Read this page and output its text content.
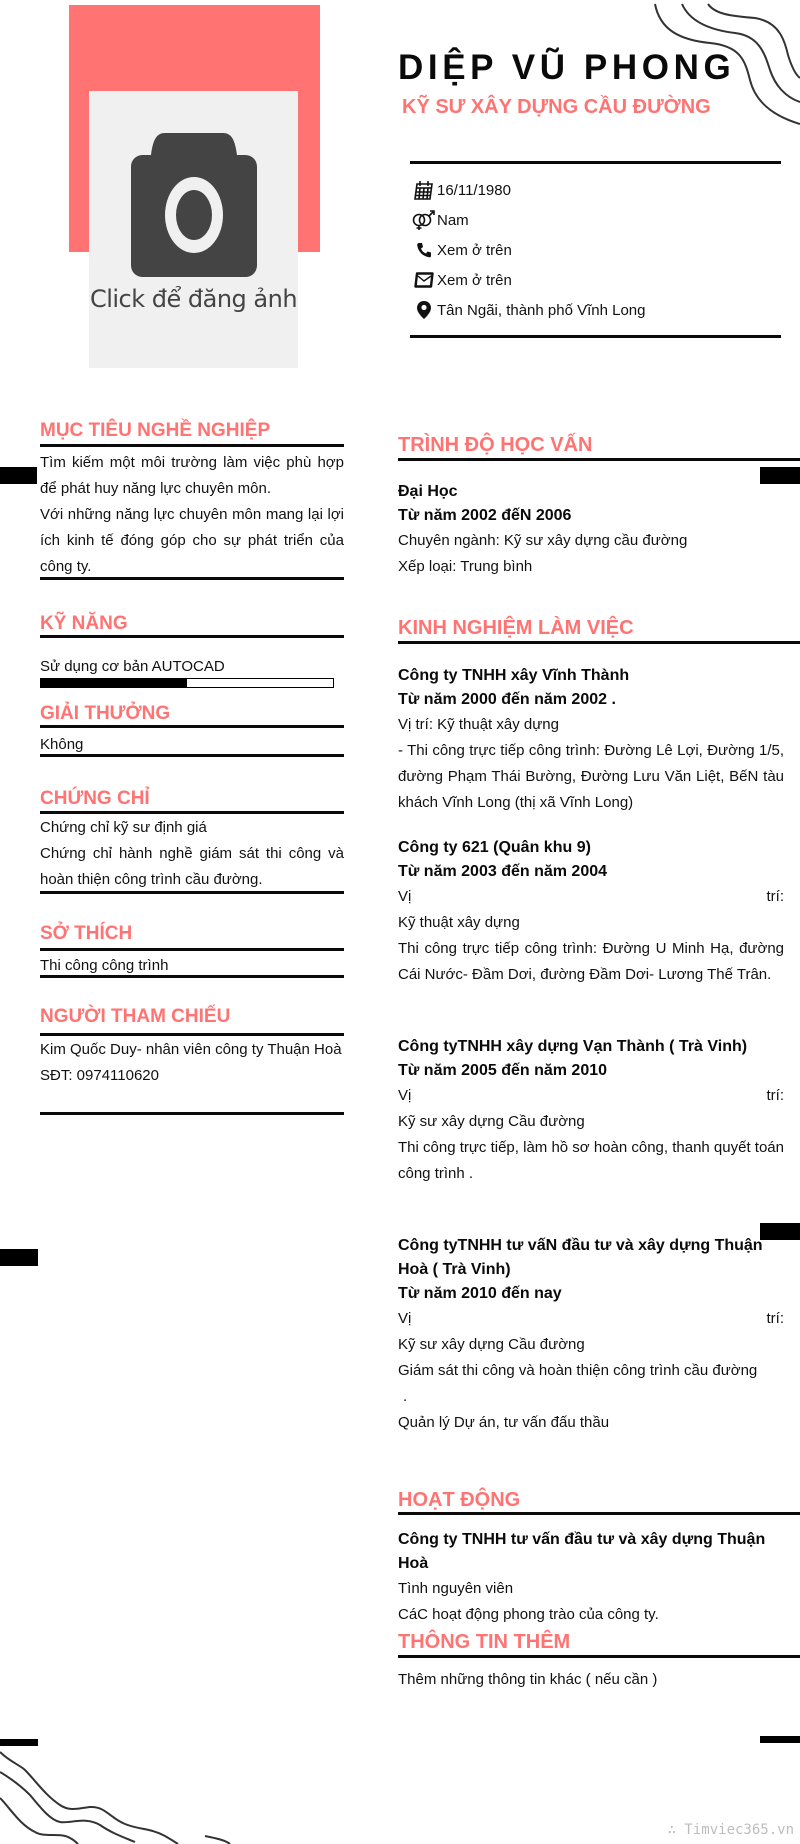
Click để đăng ảnh
DIỆP VŨ PHONG
KỸ SƯ XÂY DỰNG CẦU ĐƯỜNG
16/11/1980
Nam
Xem ở trên
Xem ở trên
Tân Ngãi, thành phố Vĩnh Long
MỤC TIÊU NGHỀ NGHIỆP
Tìm kiếm một môi trường làm việc phù hợp để phát huy năng lực chuyên môn.
Với những năng lực chuyên môn mang lại lợi ích kinh tế đóng góp cho sự phát triển của công ty.
KỸ NĂNG
Sử dụng cơ bản AUTOCAD
GIẢI THƯỞNG
Không
CHỨNG CHỈ
Chứng chỉ kỹ sư định giá
Chứng chỉ hành nghề giám sát thi công và hoàn thiện công trình cầu đường.
SỞ THÍCH
Thi công công trình
NGƯỜI THAM CHIẾU
Kim Quốc Duy- nhân viên công ty Thuận Hoà
SĐT: 0974110620
TRÌNH ĐỘ HỌC VẤN
Đại Học
Từ năm 2002 đếN 2006
Chuyên ngành: Kỹ sư xây dựng cầu đường
Xếp loại: Trung bình
KINH NGHIỆM LÀM VIỆC
Công ty TNHH xây Vĩnh Thành
Từ năm 2000 đến năm 2002 .
Vị trí: Kỹ thuật xây dựng
- Thi công trực tiếp công trình: Đường Lê Lợi, Đường 1/5, đường Phạm Thái Bường, Đường Lưu Văn Liệt, BếN tàu khách Vĩnh Long (thị xã Vĩnh Long)
Công ty 621 (Quân khu 9)
Từ năm 2003 đến năm 2004
Vị	trí:
Kỹ thuật xây dựng
Thi công trực tiếp công trình: Đường U Minh Hạ, đường Cái Nước- Đầm Dơi, đường Đầm Dơi- Lương Thế Trân.
Công tyTNHH xây dựng Vạn Thành ( Trà Vinh)
Từ năm 2005 đến năm 2010
Vị	trí:
Kỹ sư xây dựng Cầu đường
Thi công trực tiếp, làm hồ sơ hoàn công, thanh quyết toán công trình .
Công tyTNHH tư vấN đầu tư và xây dựng Thuận Hoà ( Trà Vinh)
Từ năm 2010 đến nay
Vị	trí:
Kỹ sư xây dựng Cầu đường
Giám sát thi công và hoàn thiện công trình cầu đường
.
Quản lý Dự án, tư vấn đấu thầu
HOẠT ĐỘNG
Công ty TNHH tư vấn đầu tư và xây dựng Thuận Hoà
Tình nguyên viên
CáC hoạt động phong trào của công ty.
THÔNG TIN THÊM
Thêm những thông tin khác ( nếu cần )
∴ Timviec365.vn
